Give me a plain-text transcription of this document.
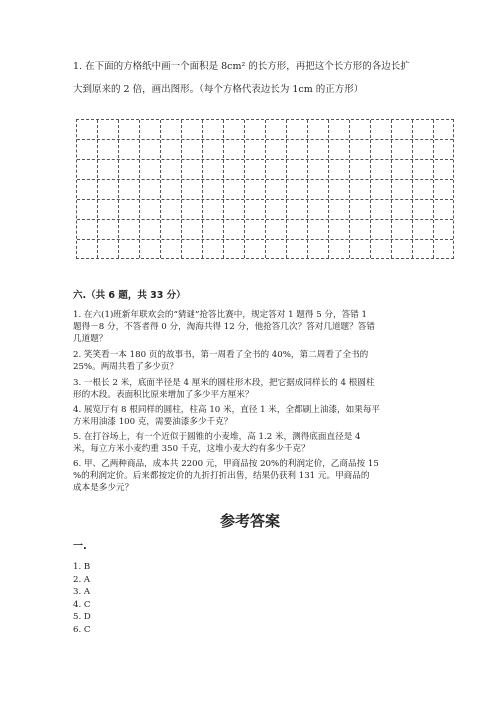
1. 在下面的方格纸中画一个面积是 8cm² 的长方形，再把这个长方形的各边长扩
大到原来的 2 倍，画出图形。（每个方格代表边长为 1cm 的正方形）
六.（共 6 题，共 33 分）
1. 在六(1)班新年联欢会的“猜谜”抢答比赛中，规定答对 1 题得 5 分，答错 1
题得－8 分，不答者得 0 分，淘海共得 12 分，他抢答几次？答对几道题？答错
几道题？
2. 笑笑看一本 180 页的故事书，第一周看了全书的 40%，第二周看了全书的
25%。两周共看了多少页？
3. 一根长 2 米，底面半径是 4 厘米的圆柱形木段，把它据成同样长的 4 根圆柱
形的木段。表面积比原来增加了多少平方厘米？
4. 展览厅有 8 根同样的圆柱，柱高 10 米，直径 1 米，全都刷上油漆，如果每平
方米用油漆 100 克，需要油漆多少千克？
5. 在打谷场上，有一个近似于圆锥的小麦堆，高 1.2 米，测得底面直径是 4
米，每立方米小麦约重 350 千克，这堆小麦大约有多少千克？
6. 甲、乙两种商品，成本共 2200 元，甲商品按 20%的利润定价，乙商品按 15
%的利润定价。后来都按定价的九折打折出售，结果仍获利 131 元。甲商品的
成本是多少元？
参考答案
一.
1. B
2. A
3. A
4. C
5. D
6. C
